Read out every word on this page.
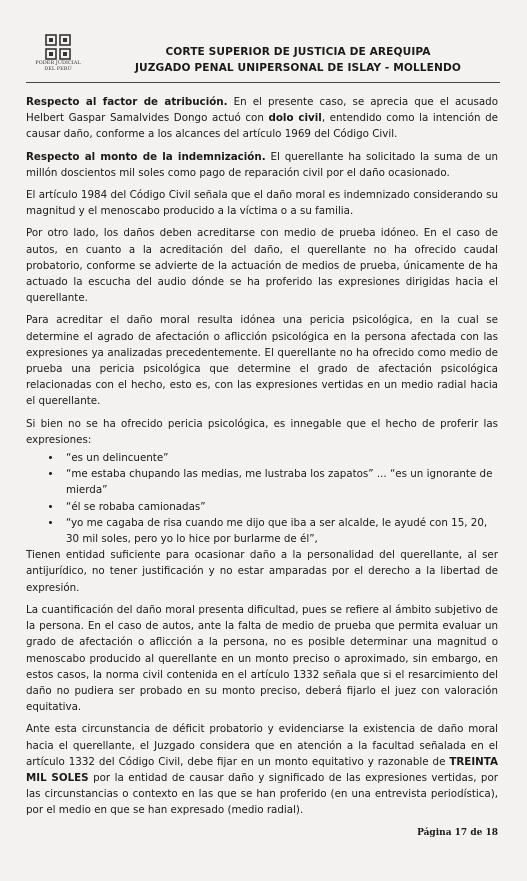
PODER JUDICIAL
DEL PERÚ
CORTE SUPERIOR DE JUSTICIA DE AREQUIPA
JUZGADO PENAL UNIPERSONAL DE ISLAY - MOLLENDO

Respecto al factor de atribución. En el presente caso, se aprecia que el acusado Helbert Gaspar Samalvides Dongo actuó con dolo civil, entendido como la intención de causar daño, conforme a los alcances del artículo 1969 del Código Civil.

Respecto al monto de la indemnización. El querellante ha solicitado la suma de un millón doscientos mil soles como pago de reparación civil por el daño ocasionado.

El artículo 1984 del Código Civil señala que el daño moral es indemnizado considerando su magnitud y el menoscabo producido a la víctima o a su familia.

Por otro lado, los daños deben acreditarse con medio de prueba idóneo. En el caso de autos, en cuanto a la acreditación del daño, el querellante no ha ofrecido caudal probatorio, conforme se advierte de la actuación de medios de prueba, únicamente de ha actuado la escucha del audio dónde se ha proferido las expresiones dirigidas hacia el querellante.

Para acreditar el daño moral resulta idónea una pericia psicológica, en la cual se determine el agrado de afectación o aflicción psicológica en la persona afectada con las expresiones ya analizadas precedentemente. El querellante no ha ofrecido como medio de prueba una pericia psicológica que determine el grado de afectación psicológica relacionadas con el hecho, esto es, con las expresiones vertidas en un medio radial hacia el querellante.

Si bien no se ha ofrecido pericia psicológica, es innegable que el hecho de proferir las expresiones:

• “es un delincuente”
• “me estaba chupando las medias, me lustraba los zapatos” ... “es un ignorante de mierda”
• “él se robaba camionadas”
• “yo me cagaba de risa cuando me dijo que iba a ser alcalde, le ayudé con 15, 20, 30 mil soles, pero yo lo hice por burlarme de él”,

Tienen entidad suficiente para ocasionar daño a la personalidad del querellante, al ser antijurídico, no tener justificación y no estar amparadas por el derecho a la libertad de expresión.

La cuantificación del daño moral presenta dificultad, pues se refiere al ámbito subjetivo de la persona. En el caso de autos, ante la falta de medio de prueba que permita evaluar un grado de afectación o aflicción a la persona, no es posible determinar una magnitud o menoscabo producido al querellante en un monto preciso o aproximado, sin embargo, en estos casos, la norma civil contenida en el artículo 1332 señala que si el resarcimiento del daño no pudiera ser probado en su monto preciso, deberá fijarlo el juez con valoración equitativa.

Ante esta circunstancia de déficit probatorio y evidenciarse la existencia de daño moral hacia el querellante, el Juzgado considera que en atención a la facultad señalada en el artículo 1332 del Código Civil, debe fijar en un monto equitativo y razonable de TREINTA MIL SOLES por la entidad de causar daño y significado de las expresiones vertidas, por las circunstancias o contexto en las que se han proferido (en una entrevista periodística), por el medio en que se han expresado (medio radial).

Página 17 de 18
